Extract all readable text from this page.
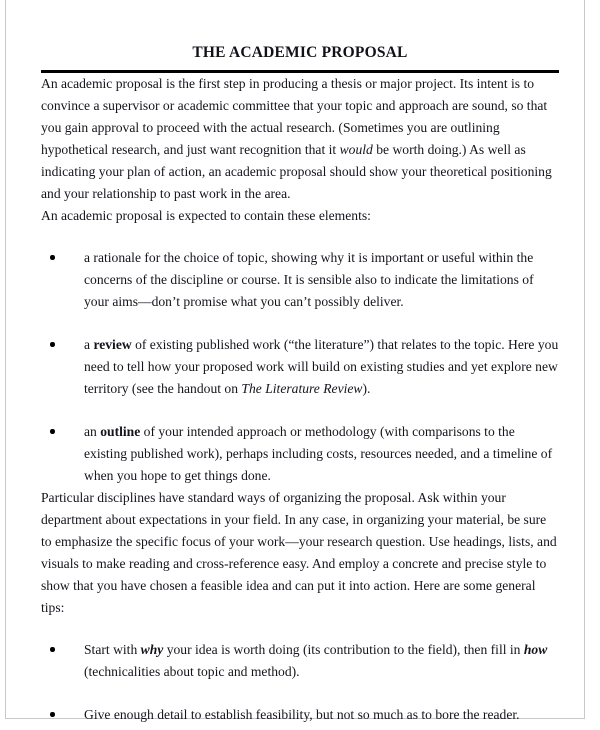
THE ACADEMIC PROPOSAL

An academic proposal is the first step in producing a thesis or major project. Its intent is to convince a supervisor or academic committee that your topic and approach are sound, so that you gain approval to proceed with the actual research. (Sometimes you are outlining hypothetical research, and just want recognition that it would be worth doing.) As well as indicating your plan of action, an academic proposal should show your theoretical positioning and your relationship to past work in the area.

An academic proposal is expected to contain these elements:

a rationale for the choice of topic, showing why it is important or useful within the concerns of the discipline or course. It is sensible also to indicate the limitations of your aims—don’t promise what you can’t possibly deliver.
a review of existing published work (“the literature”) that relates to the topic. Here you need to tell how your proposed work will build on existing studies and yet explore new territory (see the handout on The Literature Review).
an outline of your intended approach or methodology (with comparisons to the existing published work), perhaps including costs, resources needed, and a timeline of when you hope to get things done.

Particular disciplines have standard ways of organizing the proposal. Ask within your department about expectations in your field. In any case, in organizing your material, be sure to emphasize the specific focus of your work—your research question. Use headings, lists, and visuals to make reading and cross-reference easy. And employ a concrete and precise style to show that you have chosen a feasible idea and can put it into action. Here are some general tips:

Start with why your idea is worth doing (its contribution to the field), then fill in how (technicalities about topic and method).
Give enough detail to establish feasibility, but not so much as to bore the reader.
